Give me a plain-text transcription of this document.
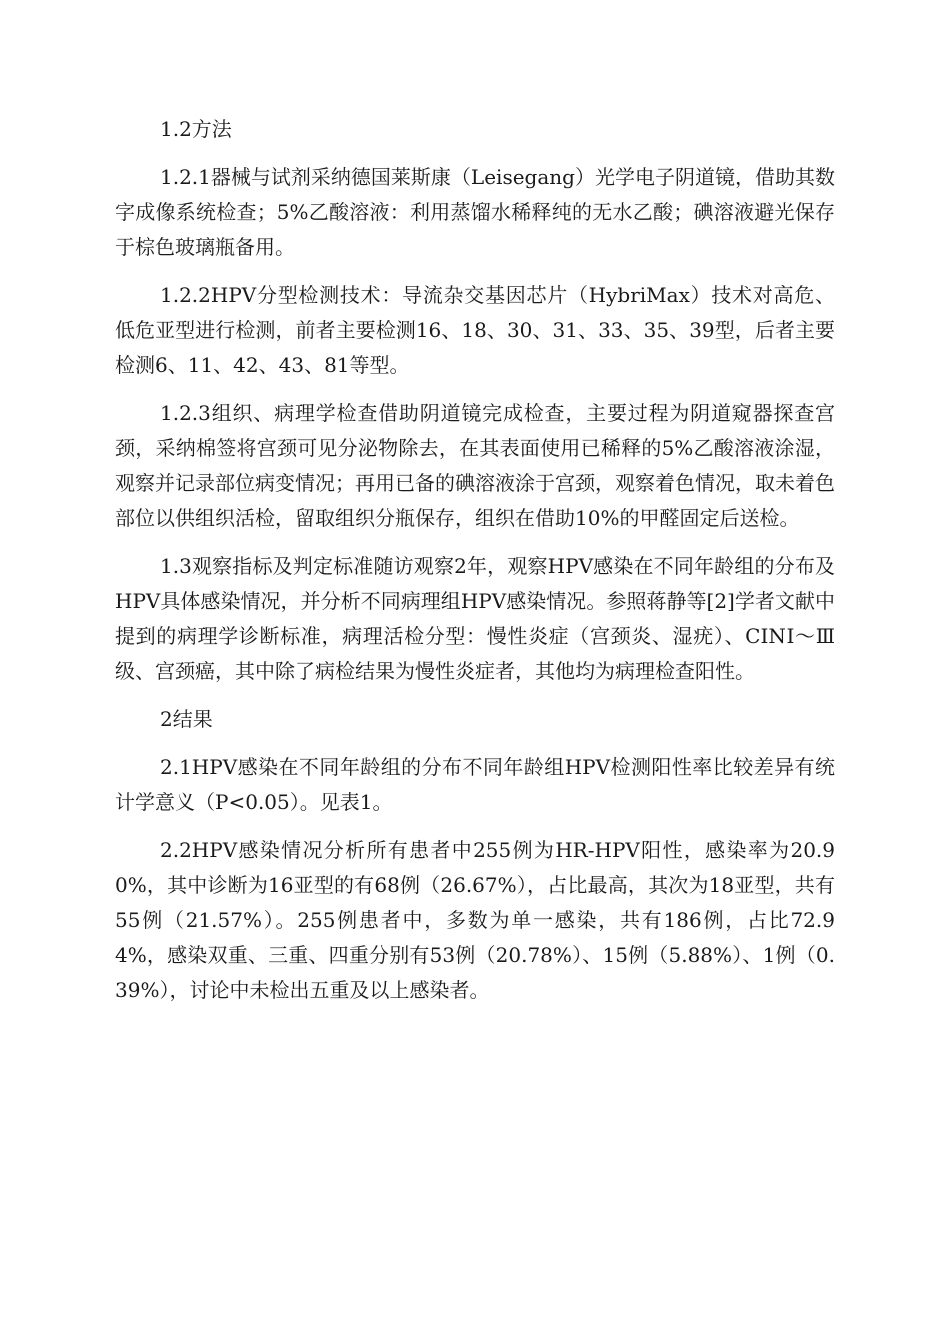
1.2方法

1.2.1器械与试剂采纳德国莱斯康（Leisegang）光学电子阴道镜，借助其数字成像系统检查；5%乙酸溶液：利用蒸馏水稀释纯的无水乙酸；碘溶液避光保存于棕色玻璃瓶备用。

1.2.2HPV分型检测技术：导流杂交基因芯片（HybriMax）技术对高危、低危亚型进行检测，前者主要检测16、18、30、31、33、35、39型，后者主要检测6、11、42、43、81等型。

1.2.3组织、病理学检查借助阴道镜完成检查，主要过程为阴道窥器探查宫颈，采纳棉签将宫颈可见分泌物除去，在其表面使用已稀释的5%乙酸溶液涂湿，观察并记录部位病变情况；再用已备的碘溶液涂于宫颈，观察着色情况，取未着色部位以供组织活检，留取组织分瓶保存，组织在借助10%的甲醛固定后送检。

1.3观察指标及判定标准随访观察2年，观察HPV感染在不同年龄组的分布及HPV具体感染情况，并分析不同病理组HPV感染情况。参照蒋静等[2]学者文献中提到的病理学诊断标准，病理活检分型：慢性炎症（宫颈炎、湿疣）、CINⅠ～Ⅲ级、宫颈癌，其中除了病检结果为慢性炎症者，其他均为病理检查阳性。

2结果

2.1HPV感染在不同年龄组的分布不同年龄组HPV检测阳性率比较差异有统计学意义（P<0.05）。见表1。

2.2HPV感染情况分析所有患者中255例为HR-HPV阳性，感染率为20.90%，其中诊断为16亚型的有68例（26.67%），占比最高，其次为18亚型，共有55例（21.57%）。255例患者中，多数为单一感染，共有186例，占比72.94%，感染双重、三重、四重分别有53例（20.78%）、15例（5.88%）、1例（0.39%），讨论中未检出五重及以上感染者。
